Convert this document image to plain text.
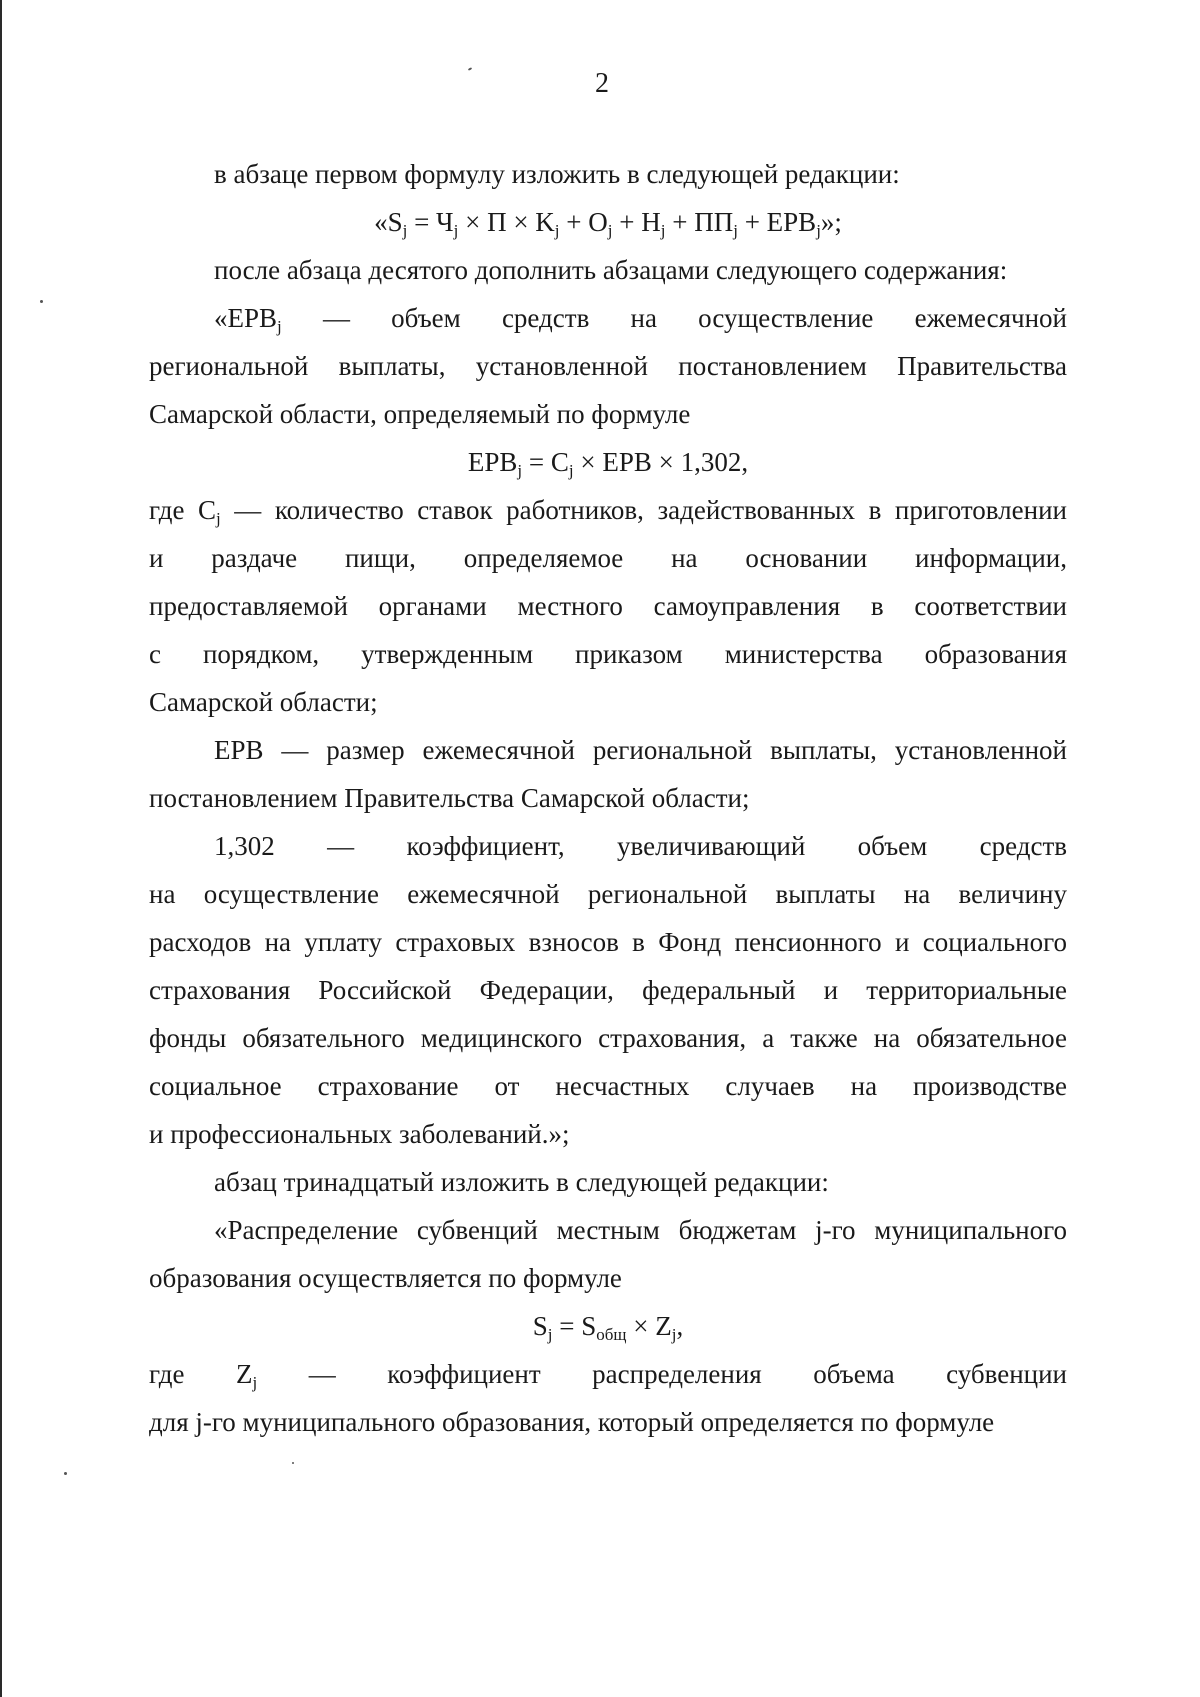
2
в абзаце первом формулу изложить в следующей редакции:
«$S_j = Ч_j \times П \times K_j + O_j + H_j + ПП_j + ЕРВ_j$»;
после абзаца десятого дополнить абзацами следующего содержания:
«$ЕРВ_j$ — объем средств на осуществление ежемесячной
региональной выплаты, установленной постановлением Правительства
Самарской области, определяемый по формуле
$ЕРВ_j = C_j$ × ЕРВ × 1,302,
где $C_j$ — количество ставок работников, задействованных в приготовлении
и раздаче пищи, определяемое на основании информации,
предоставляемой органами местного самоуправления в соответствии
с порядком, утвержденным приказом министерства образования
Самарской области;
ЕРВ — размер ежемесячной региональной выплаты, установленной
постановлением Правительства Самарской области;
1,302 — коэффициент, увеличивающий объем средств
на осуществление ежемесячной региональной выплаты на величину
расходов на уплату страховых взносов в Фонд пенсионного и социального
страхования Российской Федерации, федеральный и территориальные
фонды обязательного медицинского страхования, а также на обязательное
социальное страхование от несчастных случаев на производстве
и профессиональных заболеваний.»;
абзац тринадцатый изложить в следующей редакции:
«Распределение субвенций местным бюджетам j-го муниципального
образования осуществляется по формуле
$S_j = S_{общ} \times Z_j$,
где $Z_j$ — коэффициент распределения объема субвенции
для j-го муниципального образования, который определяется по формуле
